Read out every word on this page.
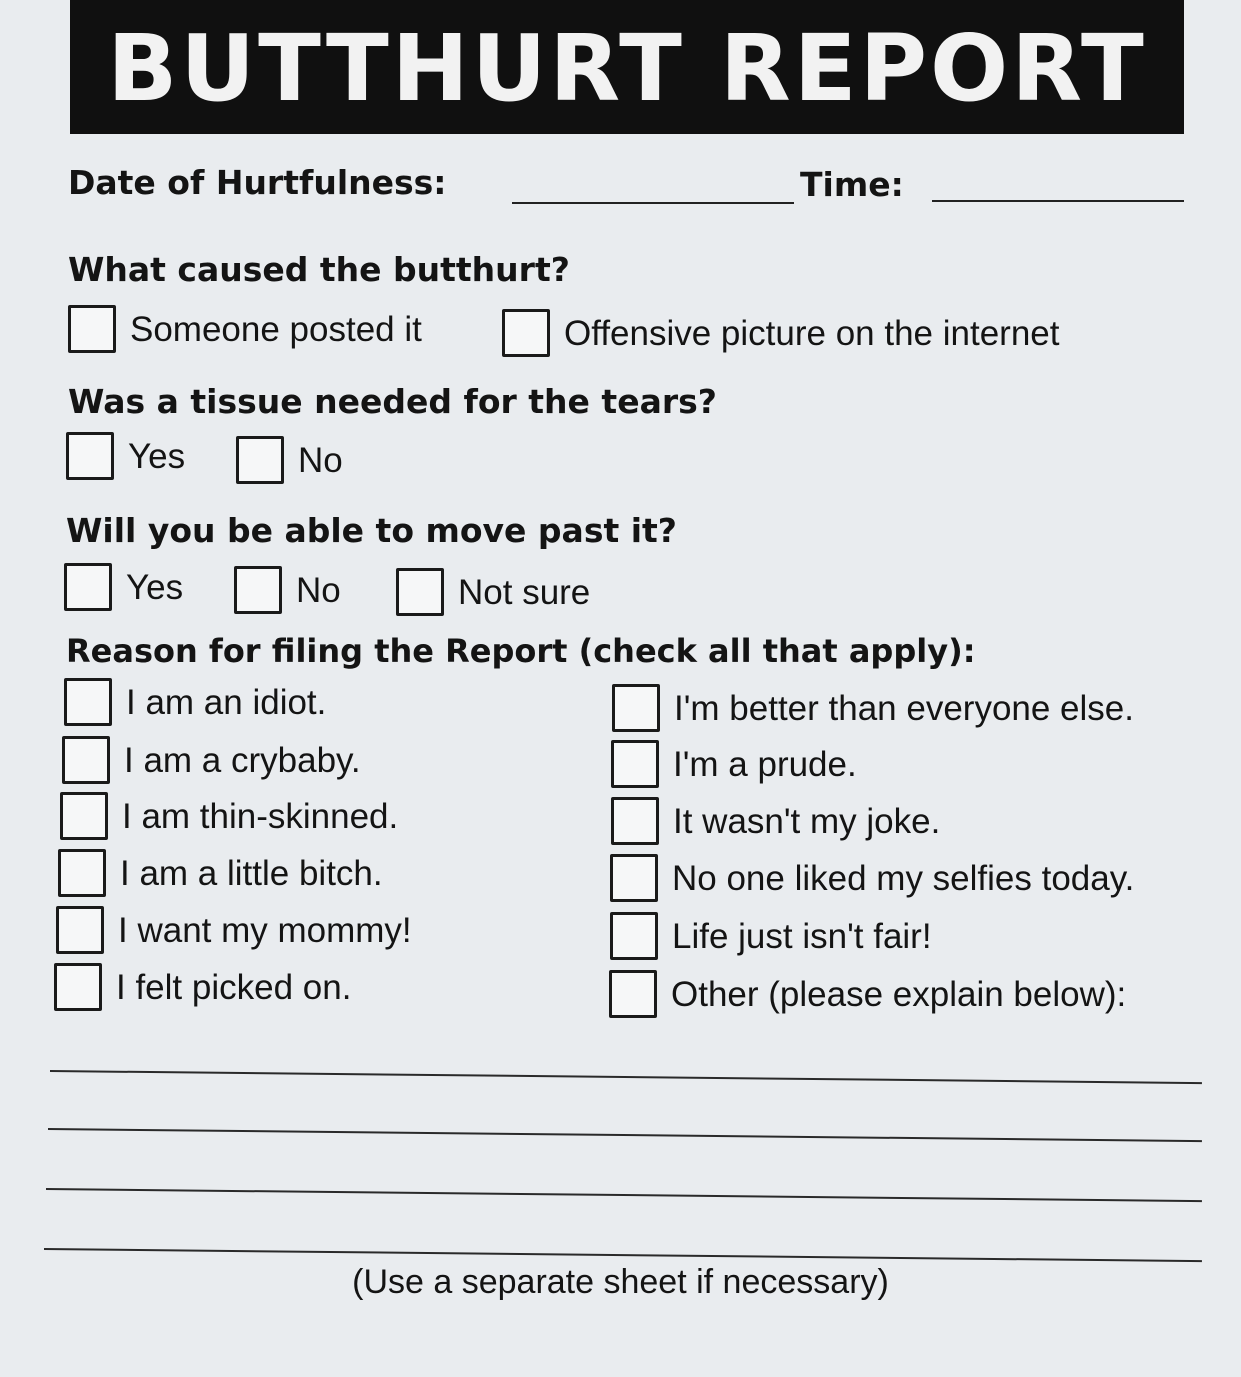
BUTTHURT REPORT
Date of Hurtfulness:	Time:
What caused the butthurt?
Someone posted it	Offensive picture on the internet
Was a tissue needed for the tears?
Yes	No
Will you be able to move past it?
Yes	No	Not sure
Reason for filing the Report (check all that apply):
I am an idiot.
I am a crybaby.
I am thin-skinned.
I am a little bitch.
I want my mommy!
I felt picked on.
I'm better than everyone else.
I'm a prude.
It wasn't my joke.
No one liked my selfies today.
Life just isn't fair!
Other (please explain below):
(Use a separate sheet if necessary)
